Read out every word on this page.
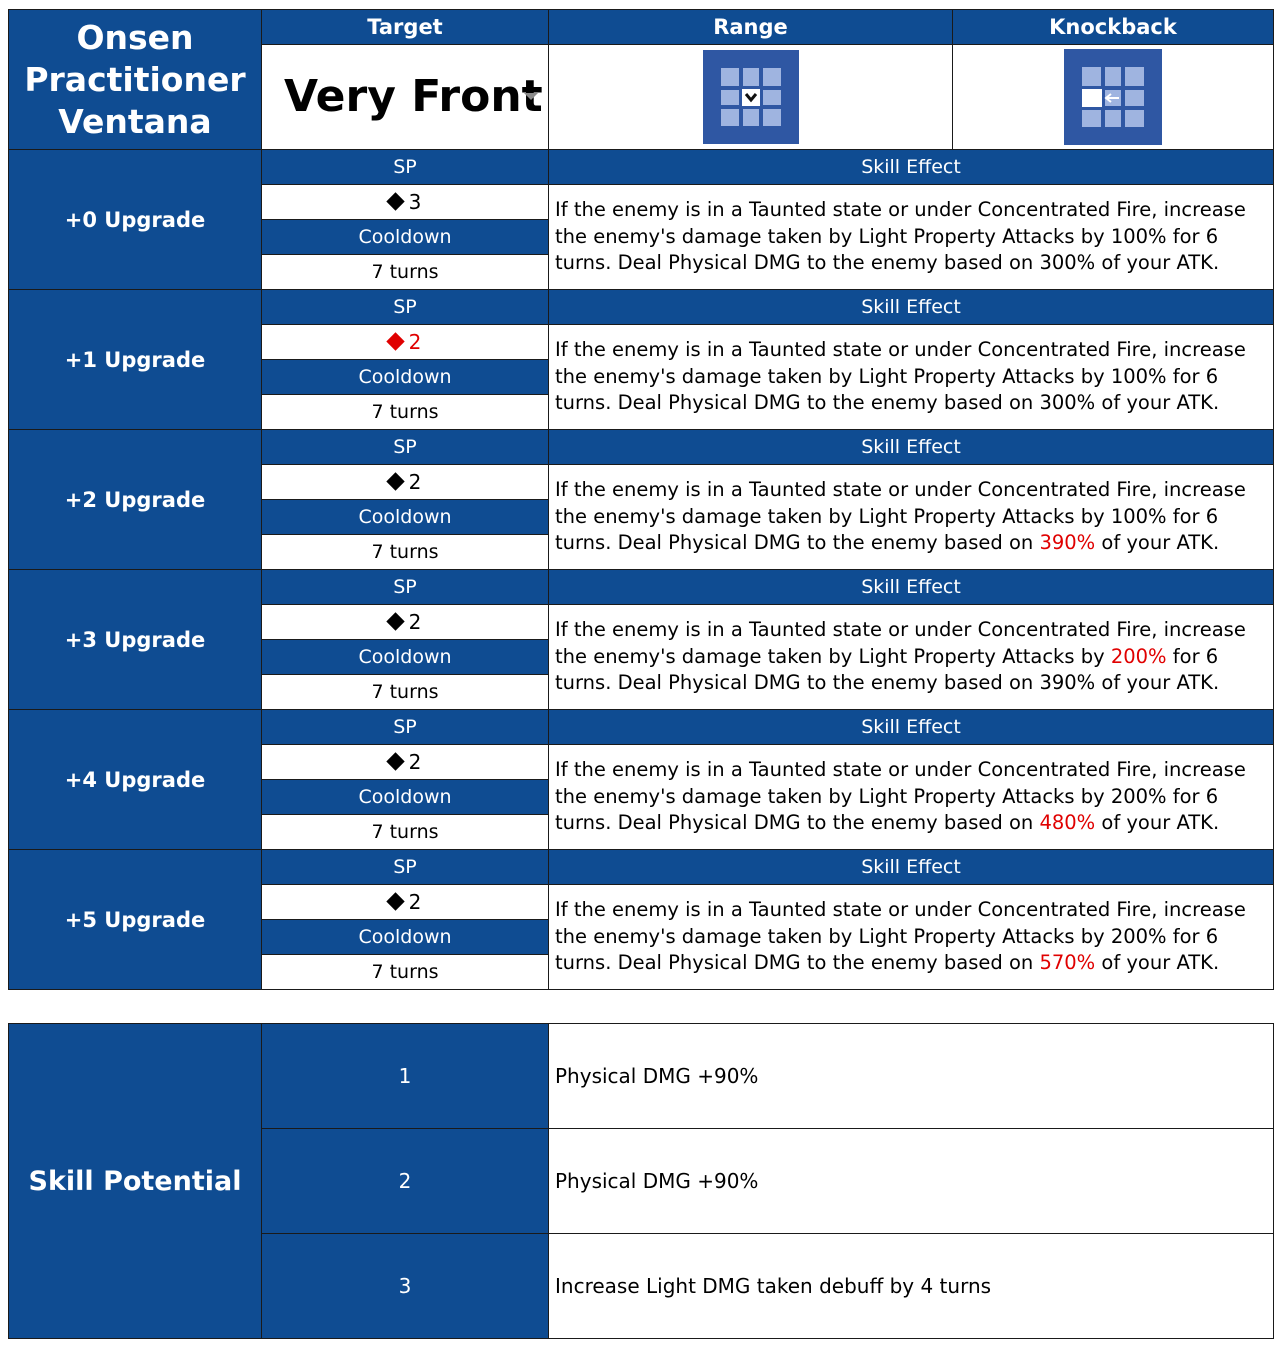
Onsen
Practitioner
Ventana	Target	Range	Knockback

	Very Front

+0 Upgrade	SP	Skill Effect	
	3	If the enemy is in a Taunted state or under Concentrated Fire, increase the enemy's damage taken by Light Property Attacks by 100% for 6 turns. Deal Physical DMG to the enemy based on 300% of your ATK.	
	Cooldown		
	7 turns		
+1 Upgrade	SP	Skill Effect	
	2	If the enemy is in a Taunted state or under Concentrated Fire, increase the enemy's damage taken by Light Property Attacks by 100% for 6 turns. Deal Physical DMG to the enemy based on 300% of your ATK.	
	Cooldown		
	7 turns		
+2 Upgrade	SP	Skill Effect	
	2	If the enemy is in a Taunted state or under Concentrated Fire, increase the enemy's damage taken by Light Property Attacks by 100% for 6 turns. Deal Physical DMG to the enemy based on 390% of your ATK.	
	Cooldown		
	7 turns		
+3 Upgrade	SP	Skill Effect	
	2	If the enemy is in a Taunted state or under Concentrated Fire, increase the enemy's damage taken by Light Property Attacks by 200% for 6 turns. Deal Physical DMG to the enemy based on 390% of your ATK.	
	Cooldown		
	7 turns		
+4 Upgrade	SP	Skill Effect	
	2	If the enemy is in a Taunted state or under Concentrated Fire, increase the enemy's damage taken by Light Property Attacks by 200% for 6 turns. Deal Physical DMG to the enemy based on 480% of your ATK.	
	Cooldown		
	7 turns		
+5 Upgrade	SP	Skill Effect	
	2	If the enemy is in a Taunted state or under Concentrated Fire, increase the enemy's damage taken by Light Property Attacks by 200% for 6 turns. Deal Physical DMG to the enemy based on 570% of your ATK.	
	Cooldown		
	7 turns		
Skill Potential	1	Physical DMG +90%
	2	Physical DMG +90%
	3	Increase Light DMG taken debuff by 4 turns
